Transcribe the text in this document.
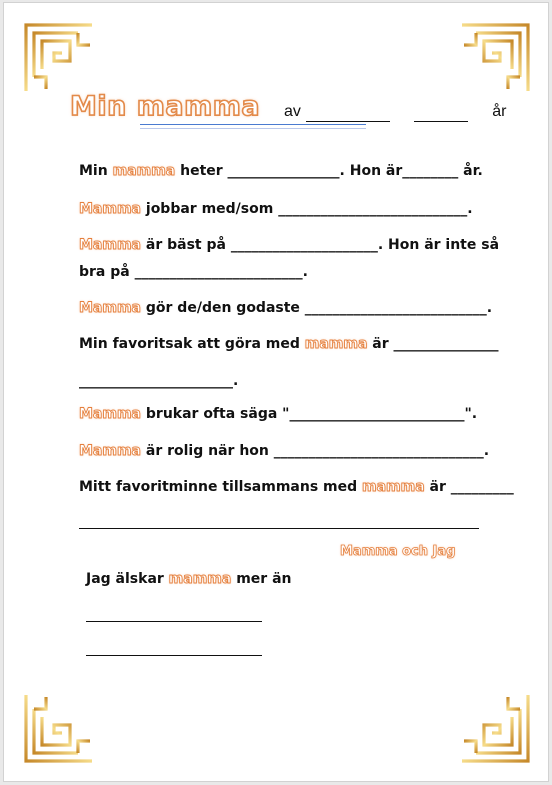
Min mamma av	år
Min mamma heter ________________. Hon är________ år.
Mamma jobbar med/som ___________________________.
Mamma är bäst på _____________________. Hon är inte så
bra på ________________________.
Mamma gör de/den godaste __________________________.
Min favoritsak att göra med mamma är _______________
______________________.
Mamma brukar ofta säga "_________________________".
Mamma är rolig när hon ______________________________.
Mitt favoritminne tillsammans med mamma är _________
Mamma och Jag
Jag älskar mamma mer än
